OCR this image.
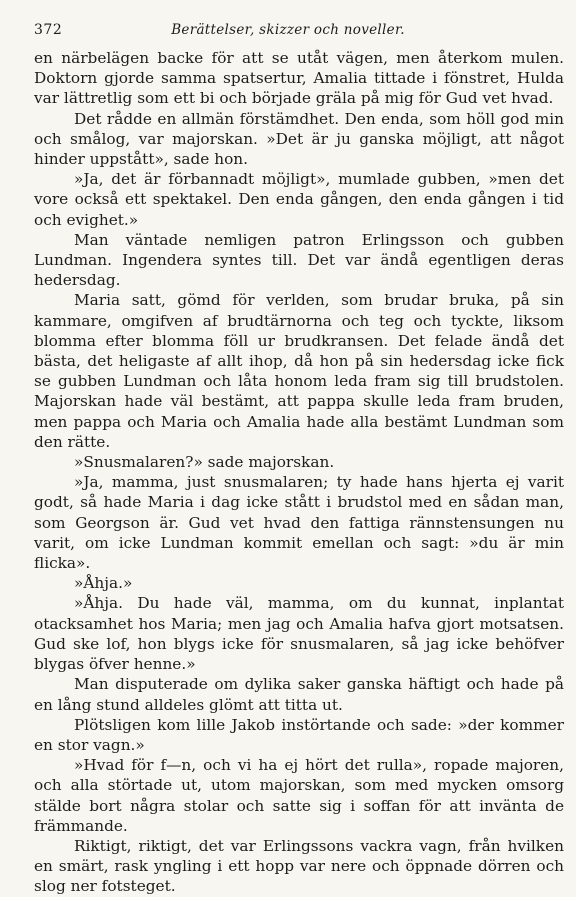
372	Berättelser, skizzer och noveller.

en närbelägen backe för att se utåt vägen, men återkom mulen. Doktorn gjorde samma spatsertur, Amalia tittade i fönstret, Hulda var lättretlig som ett bi och började gräla på mig för Gud vet hvad.

Det rådde en allmän förstämdhet. Den enda, som höll god min och smålog, var majorskan. »Det är ju ganska möjligt, att något hinder uppstått», sade hon.

»Ja, det är förbannadt möjligt», mumlade gubben, »men det vore också ett spektakel. Den enda gången, den enda gången i tid och evighet.»

Man väntade nemligen patron Erlingsson och gubben Lundman. Ingendera syntes till. Det var ändå egentligen deras hedersdag.

Maria satt, gömd för verlden, som brudar bruka, på sin kammare, omgifven af brudtärnorna och teg och tyckte, liksom blomma efter blomma föll ur brudkransen. Det felade ändå det bästa, det heligaste af allt ihop, då hon på sin hedersdag icke fick se gubben Lundman och låta honom leda fram sig till brudstolen. Majorskan hade väl bestämt, att pappa skulle leda fram bruden, men pappa och Maria och Amalia hade alla bestämt Lundman som den rätte.

»Snusmalaren?» sade majorskan.

»Ja, mamma, just snusmalaren; ty hade hans hjerta ej varit godt, så hade Maria i dag icke stått i brudstol med en sådan man, som Georgson är. Gud vet hvad den fattiga rännstensungen nu varit, om icke Lundman kommit emellan och sagt: »du är min flicka».

»Åhja.»

»Åhja. Du hade väl, mamma, om du kunnat, inplantat otacksamhet hos Maria; men jag och Amalia hafva gjort motsatsen. Gud ske lof, hon blygs icke för snusmalaren, så jag icke behöfver blygas öfver henne.»

Man disputerade om dylika saker ganska häftigt och hade på en lång stund alldeles glömt att titta ut.

Plötsligen kom lille Jakob instörtande och sade: »der kommer en stor vagn.»

»Hvad för f—n, och vi ha ej hört det rulla», ropade majoren, och alla störtade ut, utom majorskan, som med mycken omsorg stälde bort några stolar och satte sig i soffan för att invänta de främmande.

Riktigt, riktigt, det var Erlingssons vackra vagn, från hvilken en smärt, rask yngling i ett hopp var nere och öppnade dörren och slog ner fotsteget.
